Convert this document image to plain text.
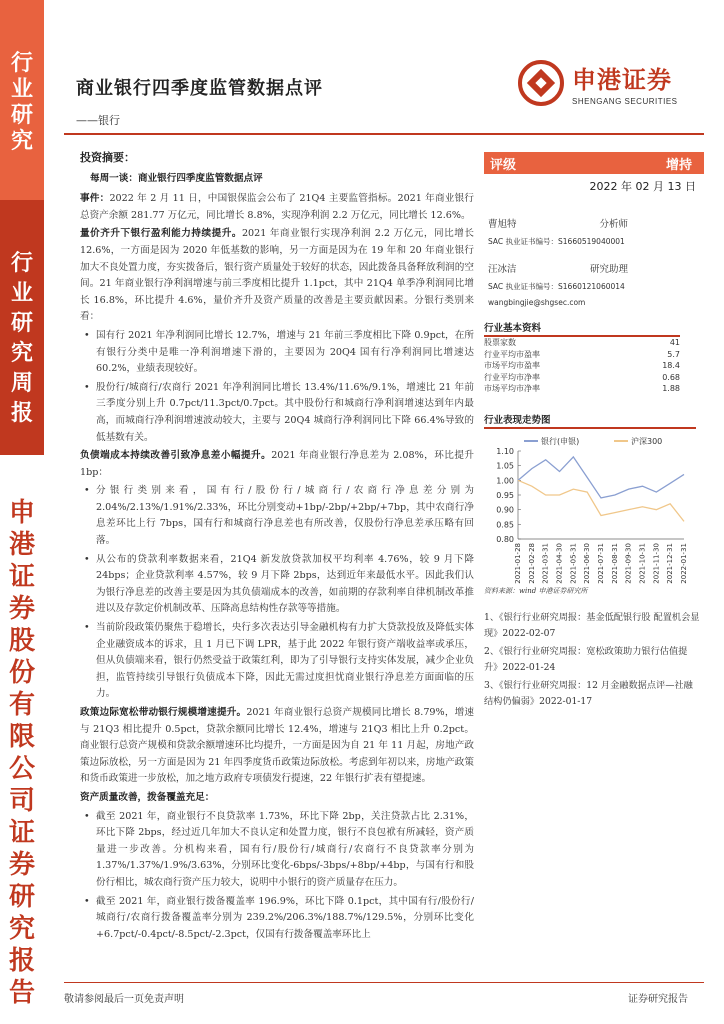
行
业
研
究
行
业
研
究
周
报
申
港
证
券
股
份
有
限
公
司
证
券
研
究
报
告
商业银行四季度监管数据点评
——银行
申港证券
SHENGANG SECURITIES
投资摘要：
每周一谈：商业银行四季度监管数据点评

事件：2022 年 2 月 11 日，中国银保监会公布了 21Q4 主要监管指标。2021 年商业银行总资产余额 281.77 万亿元，同比增长 8.8%，实现净利润 2.2 万亿元，同比增长 12.6%。

量价齐升下银行盈利能力持续提升。2021 年商业银行实现净利润 2.2 万亿元，同比增长 12.6%，一方面是因为 2020 年低基数的影响，另一方面是因为在 19 年和 20 年商业银行加大不良处置力度，夯实拨备后，银行资产质量处于较好的状态，因此拨备具备释放利润的空间。21 年商业银行净利润增速与前三季度相比提升 1.1pct，其中 21Q4 单季净利润同比增长 16.8%，环比提升 4.6%，量价齐升及资产质量的改善是主要贡献因素。分银行类别来看：

• 国有行 2021 年净利润同比增长 12.7%，增速与 21 年前三季度相比下降 0.9pct，在所有银行分类中是唯一净利润增速下滑的，主要因为 20Q4 国有行净利润同比增速达 60.2%，业绩表现较好。
• 股份行/城商行/农商行 2021 年净利润同比增长 13.4%/11.6%/9.1%，增速比 21 年前三季度分别上升 0.7pct/11.3pct/0.7pct。其中股份行和城商行净利润增速达到年内最高，而城商行净利润增速波动较大，主要与 20Q4 城商行净利润同比下降 66.4%导致的低基数有关。

负债端成本持续改善引致净息差小幅提升。2021 年商业银行净息差为 2.08%，环比提升 1bp：

• 分银行类别来看，国有行/股份行/城商行/农商行净息差分别为 2.04%/2.13%/1.91%/2.33%，环比分别变动+1bp/-2bp/+2bp/+7bp，其中农商行净息差环比上行 7bps，国有行和城商行净息差也有所改善，仅股份行净息差承压略有回落。
• 从公布的贷款利率数据来看，21Q4 新发放贷款加权平均利率 4.76%，较 9 月下降 24bps；企业贷款利率 4.57%，较 9 月下降 2bps，达到近年来最低水平。因此我们认为银行净息差的改善主要是因为其负债端成本的改善，如前期的存款利率自律机制改革推进以及存款定价机制改革、压降高息结构性存款等等措施。
• 当前阶段政策仍聚焦于稳增长，央行多次表达引导金融机构有力扩大贷款投放及降低实体企业融资成本的诉求，且 1 月已下调 LPR，基于此 2022 年银行资产端收益率或承压，但从负债端来看，银行仍然受益于政策红利，即为了引导银行支持实体发展，减少企业负担，监管持续引导银行负债成本下降，因此无需过度担忧商业银行净息差方面面临的压力。

政策边际宽松带动银行规模增速提升。2021 年商业银行总资产规模同比增长 8.79%，增速与 21Q3 相比提升 0.5pct，贷款余额同比增长 12.4%，增速与 21Q3 相比上升 0.2pct。商业银行总资产规模和贷款余额增速环比均提升，一方面是因为自 21 年 11 月起，房地产政策边际放松，另一方面是因为 21 年四季度货币政策边际放松。考虑到年初以来，房地产政策和货币政策进一步放松，加之地方政府专项债发行提速，22 年银行扩表有望提速。

资产质量改善，拨备覆盖充足：

• 截至 2021 年，商业银行不良贷款率 1.73%，环比下降 2bp，关注贷款占比 2.31%，环比下降 2bps，经过近几年加大不良认定和处置力度，银行不良包袱有所减轻，资产质量进一步改善。分机构来看，国有行/股份行/城商行/农商行不良贷款率分别为 1.37%/1.37%/1.9%/3.63%，分别环比变化-6bps/-3bps/+8bp/+4bp，与国有行和股份行相比，城农商行资产压力较大，说明中小银行的资产质量存在压力。
• 截至 2021 年，商业银行拨备覆盖率 196.9%，环比下降 0.1pct，其中国有行/股份行/城商行/农商行拨备覆盖率分别为 239.2%/206.3%/188.7%/129.5%，分别环比变化+6.7pct/-0.4pct/-8.5pct/-2.3pct，仅国有行拨备覆盖率环比上
评级	增持
2022 年 02 月 13 日
曹旭特	分析师
SAC 执业证书编号：S1660519040001
汪冰洁	研究助理
SAC 执业证书编号：S1660121060014
wangbingjie@shgsec.com
行业基本资料
股票家数	41
行业平均市盈率	5.7
市场平均市盈率	18.4
行业平均市净率	0.68
市场平均市净率	1.88
行业表现走势图
银行(申银)	沪深300
1.10
1.05
1.00
0.95
0.90
0.85
0.80
2021-01-28 2021-02-28 2021-03-31 2021-04-30 2021-05-31 2021-06-30 2021-07-31 2021-08-31 2021-09-30 2021-10-31 2021-11-30 2021-12-31 2022-01-31
资料来源：wind 申港证券研究所
1、《银行行业研究周报：基金低配银行股 配置机会显现》2022-02-07
2、《银行行业研究周报：宽松政策助力银行估值提升》2022-01-24
3、《银行行业研究周报：12 月金融数据点评—社融结构仍偏弱》2022-01-17
敬请参阅最后一页免责声明	证券研究报告
